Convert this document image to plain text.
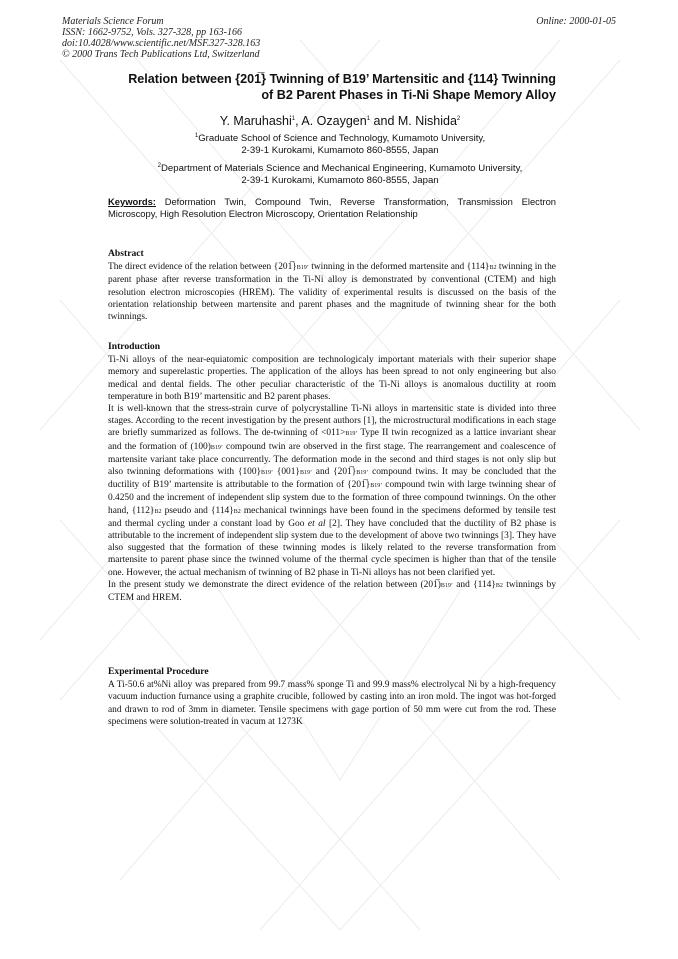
Materials Science Forum
ISSN: 1662-9752, Vols. 327-328, pp 163-166
doi:10.4028/www.scientific.net/MSF.327-328.163
© 2000 Trans Tech Publications Ltd, Switzerland
Online: 2000-01-05
Relation between {201̅} Twinning of B19’ Martensitic and {114} Twinning
of B2 Parent Phases in Ti-Ni Shape Memory Alloy
Y. Maruhashi$^1$, A. Ozaygen$^1$ and M. Nishida$^2$
$^1$Graduate School of Science and Technology, Kumamoto University,
2-39-1 Kurokami, Kumamoto 860-8555, Japan
$^2$Department of Materials Science and Mechanical Engineering, Kumamoto University,
2-39-1 Kurokami, Kumamoto 860-8555, Japan
Keywords: Deformation Twin, Compound Twin, Reverse Transformation, Transmission Electron Microscopy, High Resolution Electron Microscopy, Orientation Relationship
Abstract

The direct evidence of the relation between {201̅}B19’ twinning in the deformed martensite and {114}B2 twinning in the parent phase after reverse transformation in the Ti-Ni alloy is demonstrated by conventional (CTEM) and high resolution electron microscopies (HREM). The validity of experimental results is discussed on the basis of the orientation relationship between martensite and parent phases and the magnitude of twinning shear for the both twinnings.

Introduction

Ti-Ni alloys of the near-equiatomic composition are technologicaly important materials with their superior shape memory and superelastic properties. The application of the alloys has been spread to not only engineering but also medical and dental fields. The other peculiar characteristic of the Ti-Ni alloys is anomalous ductility at room temperature in both B19’ martensitic and B2 parent phases.

It is well-known that the stress-strain curve of polycrystalline Ti-Ni alloys in martensitic state is divided into three stages. According to the recent investigation by the present authors [1], the microstructural modifications in each stage are briefly summarized as follows. The de-twinning of <011>B19’ Type II twin recognized as a lattice invariant shear and the formation of (100)B19’ compound twin are observed in the first stage. The rearrangement and coalescence of martensite variant take place concurrently. The deformation mode in the second and third stages is not only slip but also twinning deformations with {100}B19’ {001}B19’ and {201̅}B19’ compound twins. It may be concluded that the ductility of B19’ martensite is attributable to the formation of {201̅}B19’ compound twin with large twinning shear of 0.4250 and the increment of independent slip system due to the formation of three compound twinnings. On the other hand, {112}B2 pseudo and {114}B2 mechanical twinnings have been found in the specimens deformed by tensile test and thermal cycling under a constant load by Goo et al [2]. They have concluded that the ductility of B2 phase is attributable to the increment of independent slip system due to the development of above two twinnings [3]. They have also suggested that the formation of these twinning modes is likely related to the reverse transformation from martensite to parent phase since the twinned volume of the thermal cycle specimen is higher than that of the tensile one. However, the actual mechanism of twinning of B2 phase in Ti-Ni alloys has not been clarified yet.

In the present study we demonstrate the direct evidence of the relation between (201̅)B19’ and {114}B2 twinnings by CTEM and HREM.

Experimental Procedure

A Ti-50.6 at%Ni alloy was prepared from 99.7 mass% sponge Ti and 99.9 mass% electrolycal Ni by a high-frequency vacuum induction furnance using a graphite crucible, followed by casting into an iron mold. The ingot was hot-forged and drawn to rod of 3mm in diameter. Tensile specimens with gage portion of 50 mm were cut from the rod. These specimens were solution-treated in vacum at 1273K
